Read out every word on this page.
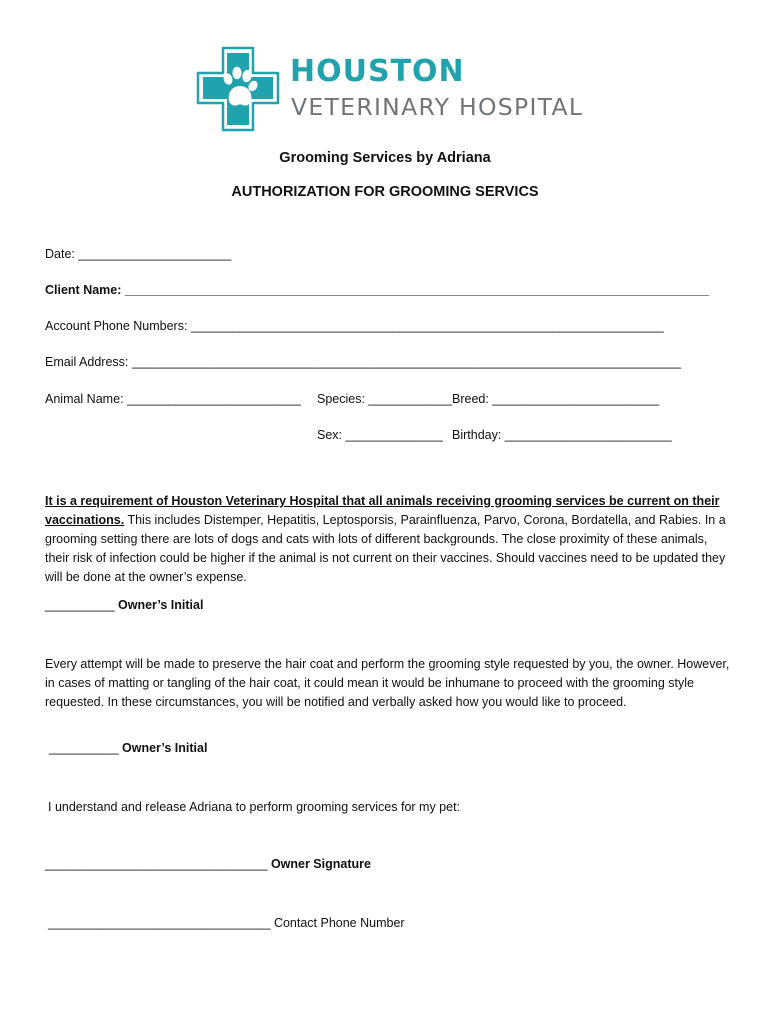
HOUSTON
VETERINARY HOSPITAL
Grooming Services by Adriana
AUTHORIZATION FOR GROOMING SERVICS
Date: ______________________
Client Name: ____________________________________________________________________________________
Account Phone Numbers: ____________________________________________________________________
Email Address: _______________________________________________________________________________
Animal Name: _________________________ Species: ____________ Breed: ________________________
Sex: ______________ Birthday: ________________________
It is a requirement of Houston Veterinary Hospital that all animals receiving grooming services be current on their vaccinations. This includes Distemper, Hepatitis, Leptosporsis, Parainfluenza, Parvo, Corona, Bordatella, and Rabies. In a grooming setting there are lots of dogs and cats with lots of different backgrounds. The close proximity of these animals, their risk of infection could be higher if the animal is not current on their vaccines. Should vaccines need to be updated they will be done at the owner’s expense.
__________ Owner’s Initial
Every attempt will be made to preserve the hair coat and perform the grooming style requested by you, the owner. However, in cases of matting or tangling of the hair coat, it could mean it would be inhumane to proceed with the grooming style requested. In these circumstances, you will be notified and verbally asked how you would like to proceed.
__________ Owner’s Initial
I understand and release Adriana to perform grooming services for my pet:
________________________________ Owner Signature
________________________________ Contact Phone Number
